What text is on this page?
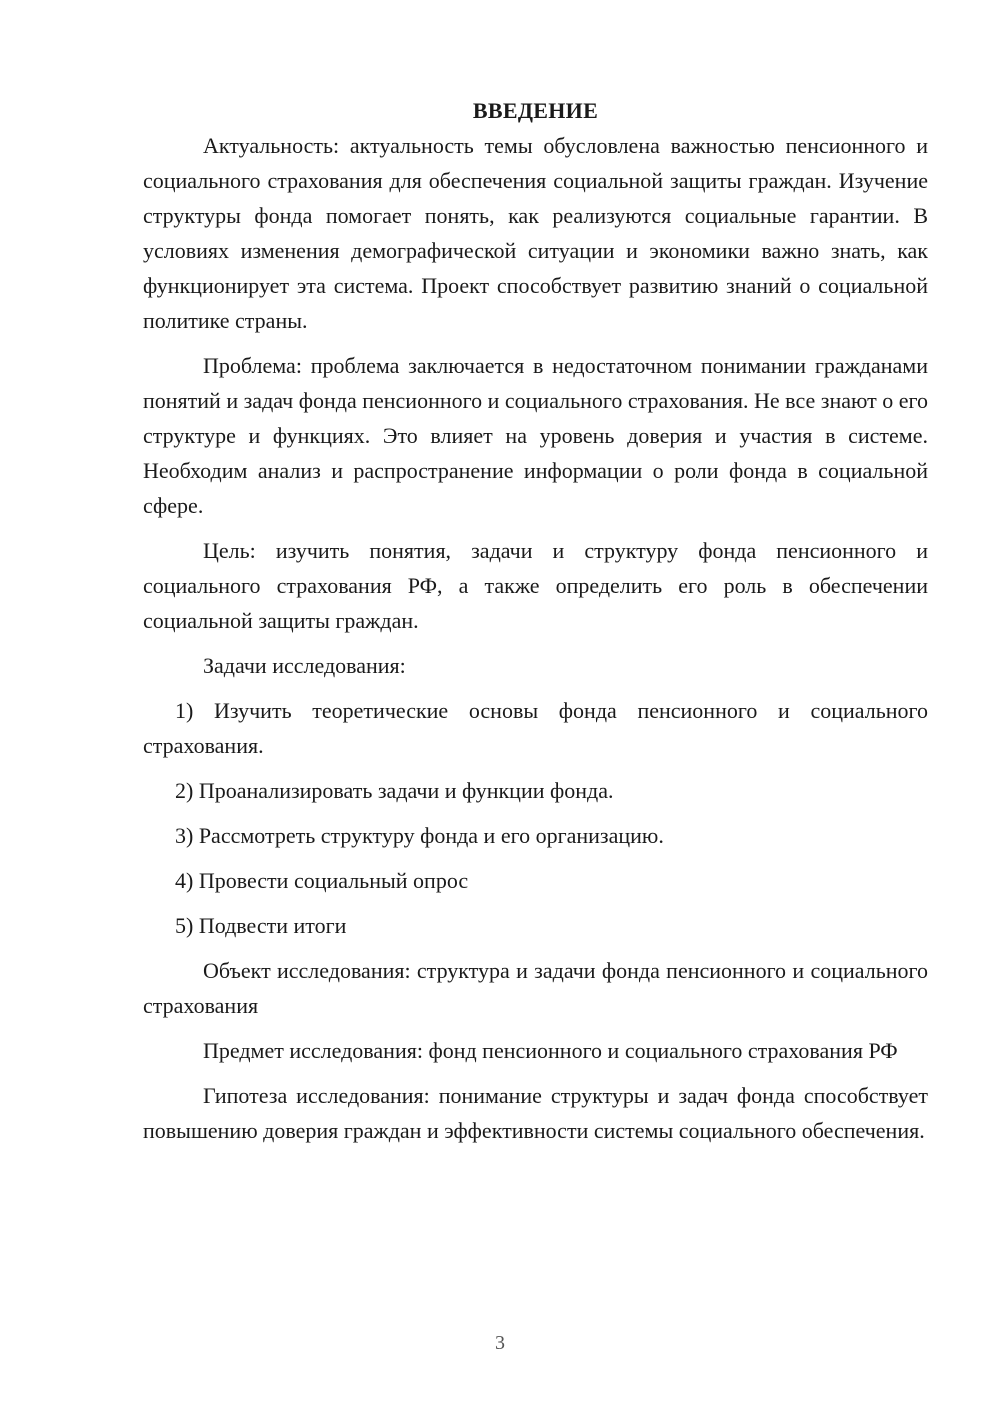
ВВЕДЕНИЕ

Актуальность: актуальность темы обусловлена важностью пенсионного и социального страхования для обеспечения социальной защиты граждан. Изучение структуры фонда помогает понять, как реализуются социальные гарантии. В условиях изменения демографической ситуации и экономики важно знать, как функционирует эта система. Проект способствует развитию знаний о социальной политике страны.

Проблема: проблема заключается в недостаточном понимании гражданами понятий и задач фонда пенсионного и социального страхования. Не все знают о его структуре и функциях. Это влияет на уровень доверия и участия в системе. Необходим анализ и распространение информации о роли фонда в социальной сфере.

Цель: изучить понятия, задачи и структуру фонда пенсионного и социального страхования РФ, а также определить его роль в обеспечении социальной защиты граждан.

Задачи исследования:

1) Изучить теоретические основы фонда пенсионного и социального страхования.

2) Проанализировать задачи и функции фонда.

3) Рассмотреть структуру фонда и его организацию.

4) Провести социальный опрос

5) Подвести итоги

Объект исследования: структура и задачи фонда пенсионного и социального страхования

Предмет исследования: фонд пенсионного и социального страхования РФ

Гипотеза исследования: понимание структуры и задач фонда способствует повышению доверия граждан и эффективности системы социального обеспечения.

3
